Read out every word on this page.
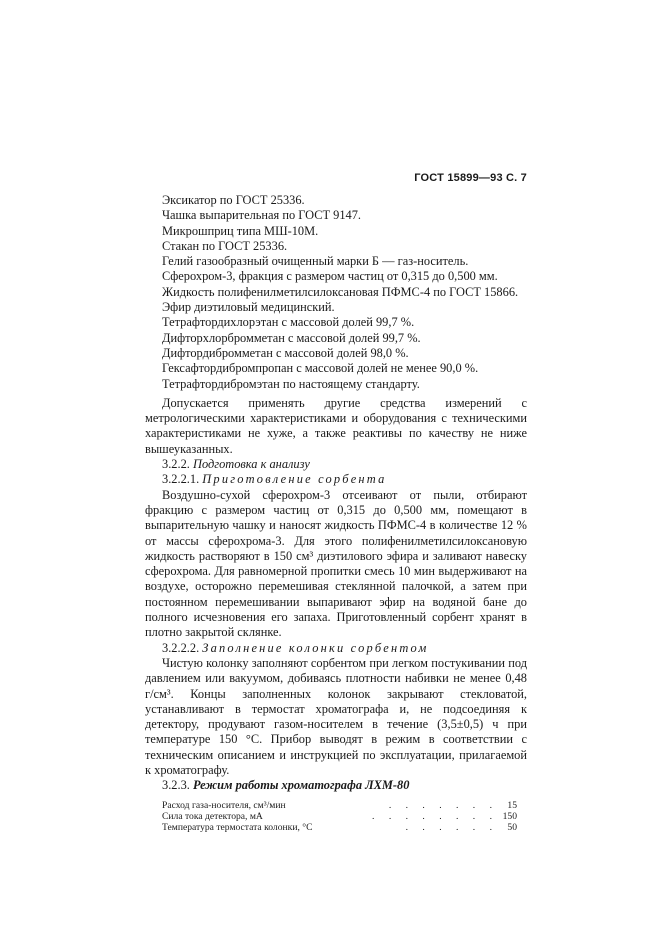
ГОСТ 15899—93 С. 7

Эксикатор по ГОСТ 25336.

Чашка выпарительная по ГОСТ 9147.

Микрошприц типа МШ-10М.

Стакан по ГОСТ 25336.

Гелий газообразный очищенный марки Б — газ-носитель.

Сферохром-3, фракция с размером частиц от 0,315 до 0,500 мм.

Жидкость полифенилметилсилоксановая ПФМС-4 по ГОСТ 15866.

Эфир диэтиловый медицинский.

Тетрафтордихлорэтан с массовой долей 99,7 %.

Дифторхлорбромметан с массовой долей 99,7 %.

Дифтордибромметан с массовой долей 98,0 %.

Гексафтордибромпропан с массовой долей не менее 90,0 %.

Тетрафтордибромэтан по настоящему стандарту.

Допускается применять другие средства измерений с метрологическими характеристиками и оборудования с техническими характеристиками не хуже, а также реактивы по качеству не ниже вышеуказанных.

3.2.2. Подготовка к анализу

3.2.2.1. Приготовление сорбента

Воздушно-сухой сферохром-3 отсеивают от пыли, отбирают фракцию с размером частиц от 0,315 до 0,500 мм, помещают в выпарительную чашку и наносят жидкость ПФМС-4 в количестве 12 % от массы сферохрома-3. Для этого полифенилметилсилоксановую жидкость растворяют в 150 см³ диэтилового эфира и заливают навеску сферохрома. Для равномерной пропитки смесь 10 мин выдерживают на воздухе, осторожно перемешивая стеклянной палочкой, а затем при постоянном перемешивании выпаривают эфир на водяной бане до полного исчезновения его запаха. Приготовленный сорбент хранят в плотно закрытой склянке.

3.2.2.2. Заполнение колонки сорбентом

Чистую колонку заполняют сорбентом при легком постукивании под давлением или вакуумом, добиваясь плотности набивки не менее 0,48 г/см³. Концы заполненных колонок закрывают стекловатой, устанавливают в термостат хроматографа и, не подсоединяя к детектору, продувают газом-носителем в течение (3,5±0,5) ч при температуре 150 °С. Прибор выводят в режим в соответствии с техническим описанием и инструкцией по эксплуатации, прилагаемой к хроматографу.

3.2.3. Режим работы хроматографа ЛХМ-80

Расход газа-носителя, см³/мин	. . . . . . . 15
Сила тока детектора, мА	. . . . . . . . 150
Температура термостата колонки, °С	. . . . . . 50
